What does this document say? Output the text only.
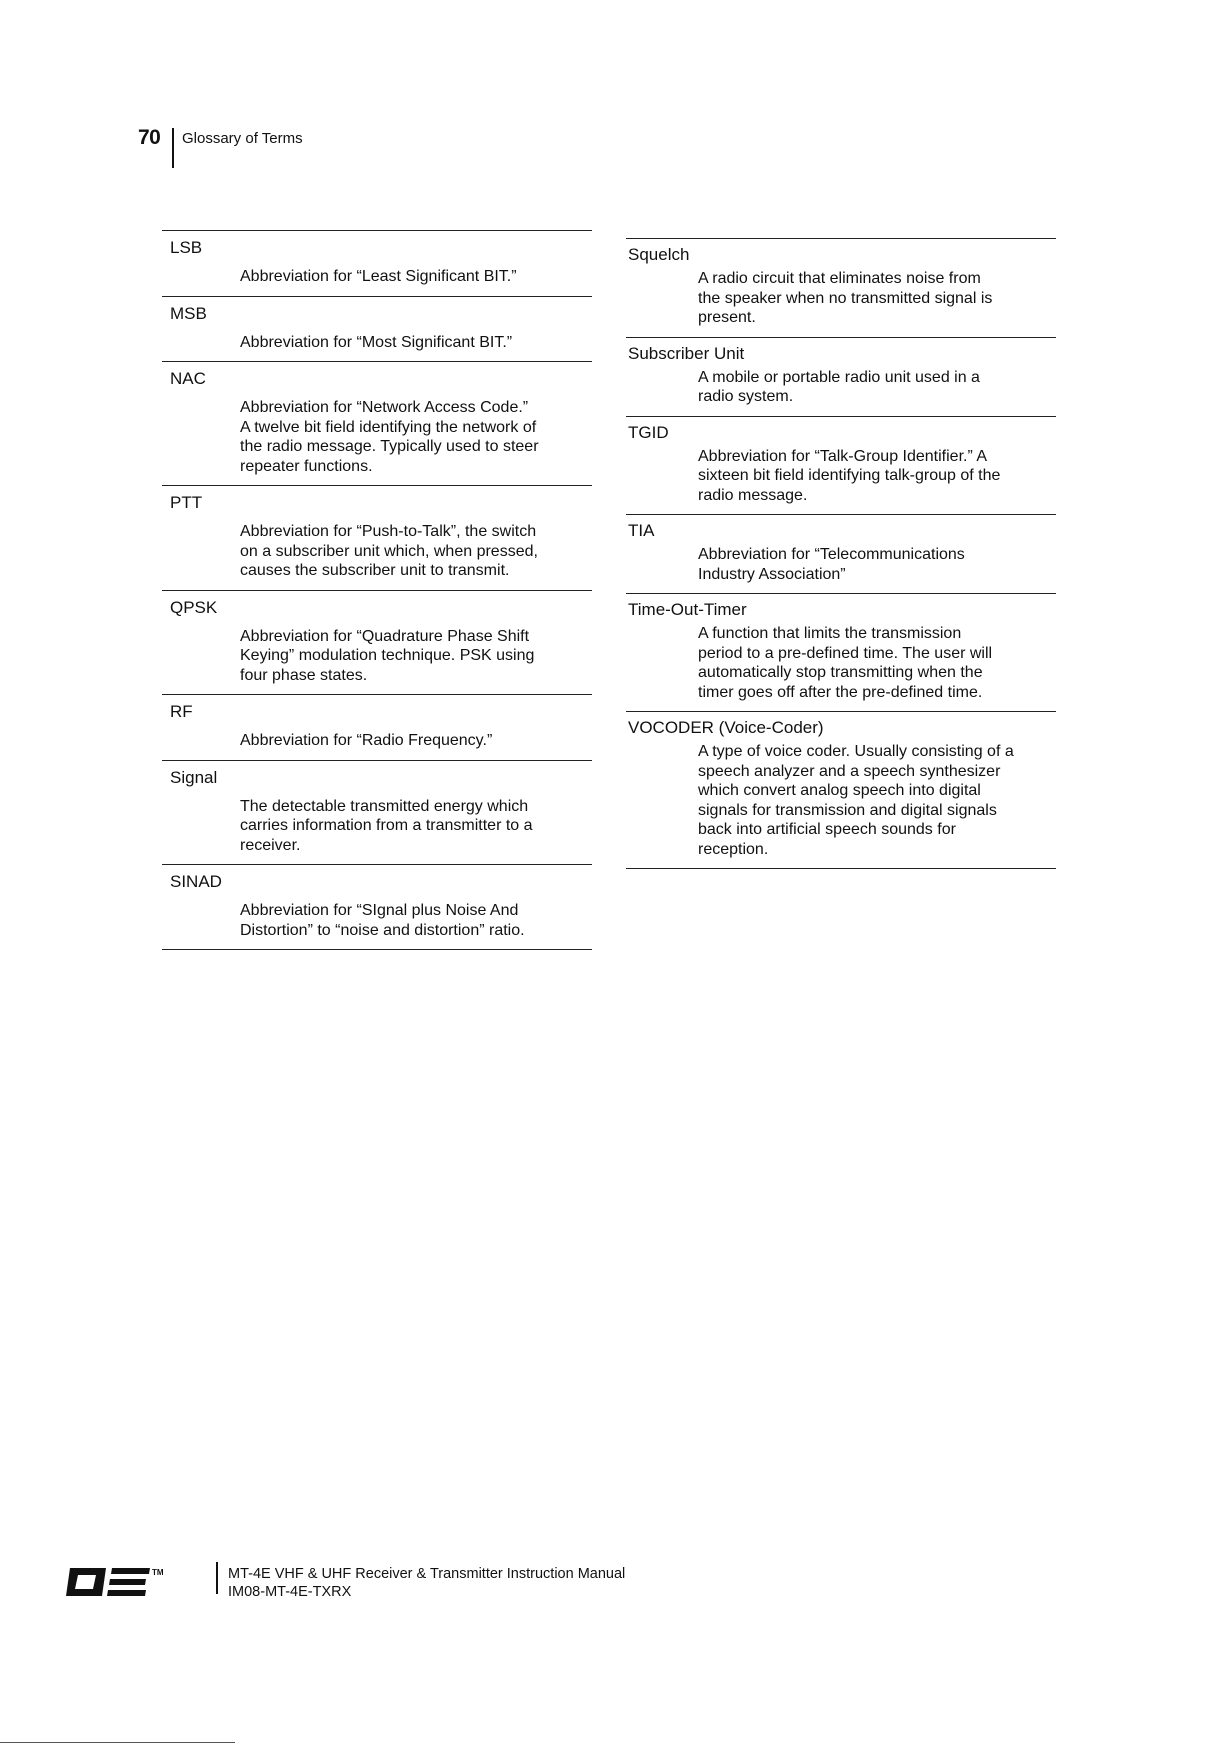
70 Glossary of Terms
LSB
Abbreviation for “Least Significant BIT.”
MSB
Abbreviation for “Most Significant BIT.”
NAC
Abbreviation for “Network Access Code.”
A twelve bit field identifying the network of
the radio message. Typically used to steer
repeater functions.
PTT
Abbreviation for “Push-to-Talk”, the switch
on a subscriber unit which, when pressed,
causes the subscriber unit to transmit.
QPSK
Abbreviation for “Quadrature Phase Shift
Keying” modulation technique. PSK using
four phase states.
RF
Abbreviation for “Radio Frequency.”
Signal
The detectable transmitted energy which
carries information from a transmitter to a
receiver.
SINAD
Abbreviation for “SIgnal plus Noise And
Distortion” to “noise and distortion” ratio.
Squelch
A radio circuit that eliminates noise from
the speaker when no transmitted signal is
present.
Subscriber Unit
A mobile or portable radio unit used in a
radio system.
TGID
Abbreviation for “Talk-Group Identifier.” A
sixteen bit field identifying talk-group of the
radio message.
TIA
Abbreviation for “Telecommunications
Industry Association”
Time-Out-Timer
A function that limits the transmission
period to a pre-defined time. The user will
automatically stop transmitting when the
timer goes off after the pre-defined time.
VOCODER (Voice-Coder)
A type of voice coder. Usually consisting of a
speech analyzer and a speech synthesizer
which convert analog speech into digital
signals for transmission and digital signals
back into artificial speech sounds for
reception.
TM	MT-4E VHF & UHF Receiver & Transmitter Instruction Manual
IM08-MT-4E-TXRX
